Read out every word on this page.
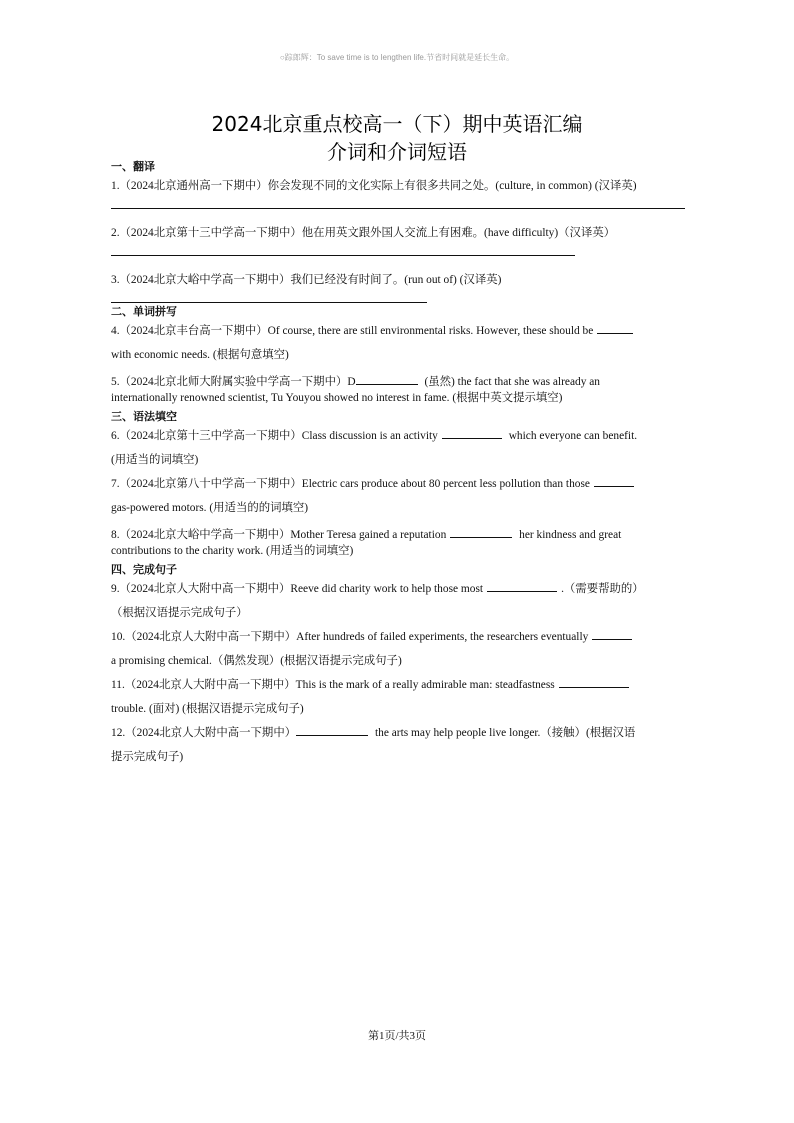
○踪郎辉：To save time is to lengthen life.节省时间就是延长生命。
2024北京重点校高一（下）期中英语汇编
介词和介词短语

一、翻译

1.（2024北京通州高一下期中）你会发现不同的文化实际上有很多共同之处。(culture, in common) (汉译英)

2.（2024北京第十三中学高一下期中）他在用英文跟外国人交流上有困难。(have difficulty)（汉译英）

3.（2024北京大峪中学高一下期中）我们已经没有时间了。(run out of) (汉译英)

二、单词拼写

4.（2024北京丰台高一下期中）Of course, there are still environmental risks. However, these should be
with economic needs. (根据句意填空)

5.（2024北京北师大附属实验中学高一下期中）D	(虽然) the fact that she was already an
internationally renowned scientist, Tu Youyou showed no interest in fame. (根据中英文提示填空)

三、语法填空

6.（2024北京第十三中学高一下期中）Class discussion is an activity	which everyone can benefit.
(用适当的词填空)

7.（2024北京第八十中学高一下期中）Electric cars produce about 80 percent less pollution than those
gas-powered motors. (用适当的的词填空)

8.（2024北京大峪中学高一下期中）Mother Teresa gained a reputation	her kindness and great
contributions to the charity work. (用适当的词填空)

四、完成句子

9.（2024北京人大附中高一下期中）Reeve did charity work to help those most	.（需要帮助的）
（根据汉语提示完成句子）

10.（2024北京人大附中高一下期中）After hundreds of failed experiments, the researchers eventually
a promising chemical.（偶然发现）(根据汉语提示完成句子)

11.（2024北京人大附中高一下期中）This is the mark of a really admirable man: steadfastness
trouble. (面对) (根据汉语提示完成句子)

12.（2024北京人大附中高一下期中）	the arts may help people live longer.（接触）(根据汉语
提示完成句子)

第1页/共3页
